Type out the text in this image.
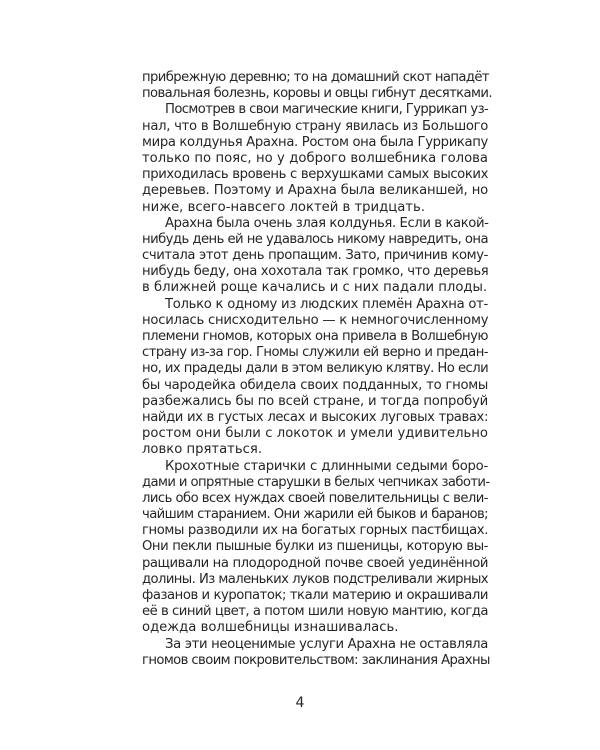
прибрежную деревню; то на домашний скот нападёт
повальная болезнь, коровы и овцы гибнут десятками.
Посмотрев в свои магические книги, Гуррикап уз-
нал, что в Волшебную страну явилась из Большого
мира колдунья Арахна. Ростом она была Гуррикапу
только по пояс, но у доброго волшебника голова
приходилась вровень с верхушками самых высоких
деревьев. Поэтому и Арахна была великаншей, но
ниже, всего-навсего локтей в тридцать.
Арахна была очень злая колдунья. Если в какой-
нибудь день ей не удавалось никому навредить, она
считала этот день пропащим. Зато, причинив кому-
нибудь беду, она хохотала так громко, что деревья
в ближней роще качались и с них падали плоды.
Только к одному из людских племён Арахна от-
носилась снисходительно — к немногочисленному
племени гномов, которых она привела в Волшебную
страну из-за гор. Гномы служили ей верно и предан-
но, их прадеды дали в этом великую клятву. Но если
бы чародейка обидела своих подданных, то гномы
разбежались бы по всей стране, и тогда попробуй
найди их в густых лесах и высоких луговых травах:
ростом они были с локоток и умели удивительно
ловко прятаться.
Крохотные старички с длинными седыми боро-
дами и опрятные старушки в белых чепчиках заботи-
лись обо всех нуждах своей повелительницы с вели-
чайшим старанием. Они жарили ей быков и баранов;
гномы разводили их на богатых горных пастбищах.
Они пекли пышные булки из пшеницы, которую вы-
ращивали на плодородной почве своей уединённой
долины. Из маленьких луков подстреливали жирных
фазанов и куропаток; ткали материю и окрашивали
её в синий цвет, а потом шили новую мантию, когда
одежда волшебницы изнашивалась.
За эти неоценимые услуги Арахна не оставляла
гномов своим покровительством: заклинания Арахны
4
